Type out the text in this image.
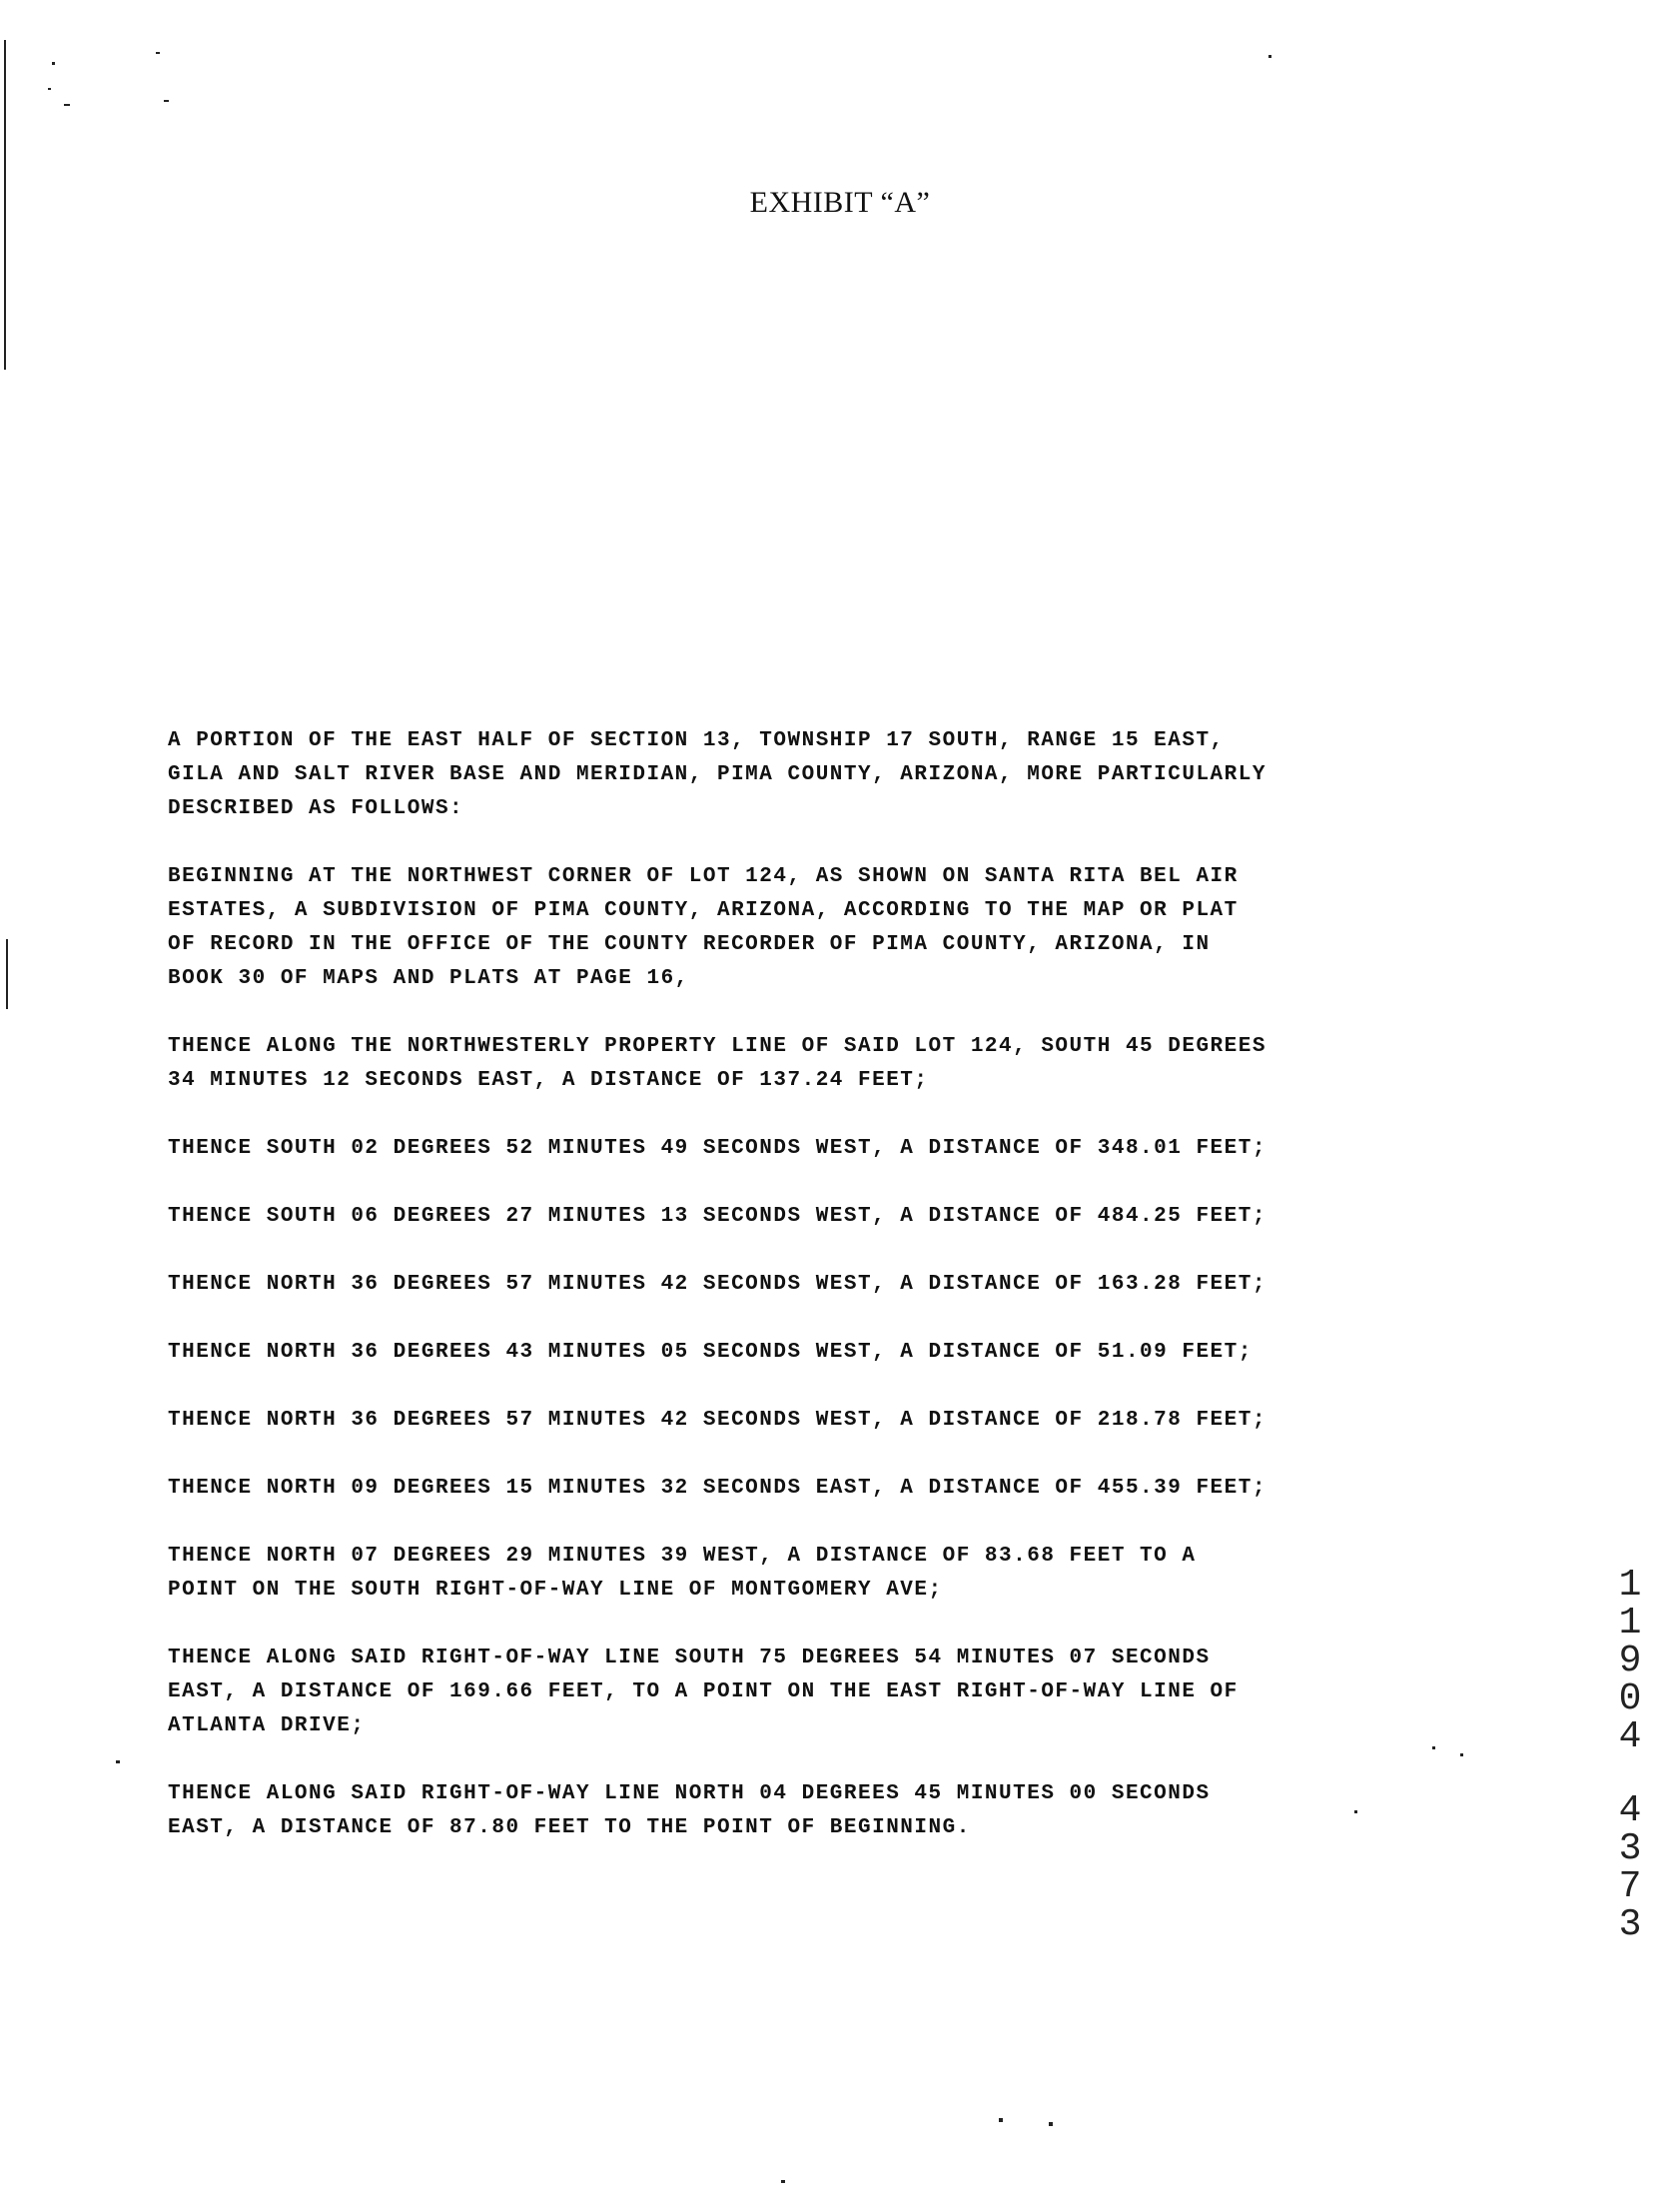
EXHIBIT “A”

A PORTION OF THE EAST HALF OF SECTION 13, TOWNSHIP 17 SOUTH, RANGE 15 EAST,
GILA AND SALT RIVER BASE AND MERIDIAN, PIMA COUNTY, ARIZONA, MORE PARTICULARLY
DESCRIBED AS FOLLOWS:

BEGINNING AT THE NORTHWEST CORNER OF LOT 124, AS SHOWN ON SANTA RITA BEL AIR
ESTATES, A SUBDIVISION OF PIMA COUNTY, ARIZONA, ACCORDING TO THE MAP OR PLAT
OF RECORD IN THE OFFICE OF THE COUNTY RECORDER OF PIMA COUNTY, ARIZONA, IN
BOOK 30 OF MAPS AND PLATS AT PAGE 16,

THENCE ALONG THE NORTHWESTERLY PROPERTY LINE OF SAID LOT 124, SOUTH 45 DEGREES
34 MINUTES 12 SECONDS EAST, A DISTANCE OF 137.24 FEET;

THENCE SOUTH 02 DEGREES 52 MINUTES 49 SECONDS WEST, A DISTANCE OF 348.01 FEET;

THENCE SOUTH 06 DEGREES 27 MINUTES 13 SECONDS WEST, A DISTANCE OF 484.25 FEET;

THENCE NORTH 36 DEGREES 57 MINUTES 42 SECONDS WEST, A DISTANCE OF 163.28 FEET;

THENCE NORTH 36 DEGREES 43 MINUTES 05 SECONDS WEST, A DISTANCE OF 51.09 FEET;

THENCE NORTH 36 DEGREES 57 MINUTES 42 SECONDS WEST, A DISTANCE OF 218.78 FEET;

THENCE NORTH 09 DEGREES 15 MINUTES 32 SECONDS EAST, A DISTANCE OF 455.39 FEET;

THENCE NORTH 07 DEGREES 29 MINUTES 39 WEST, A DISTANCE OF 83.68 FEET TO A
POINT ON THE SOUTH RIGHT-OF-WAY LINE OF MONTGOMERY AVE;

THENCE ALONG SAID RIGHT-OF-WAY LINE SOUTH 75 DEGREES 54 MINUTES 07 SECONDS
EAST, A DISTANCE OF 169.66 FEET, TO A POINT ON THE EAST RIGHT-OF-WAY LINE OF
ATLANTA DRIVE;

THENCE ALONG SAID RIGHT-OF-WAY LINE NORTH 04 DEGREES 45 MINUTES 00 SECONDS
EAST, A DISTANCE OF 87.80 FEET TO THE POINT OF BEGINNING.

1
1
9
0
4
4
3
7
3
